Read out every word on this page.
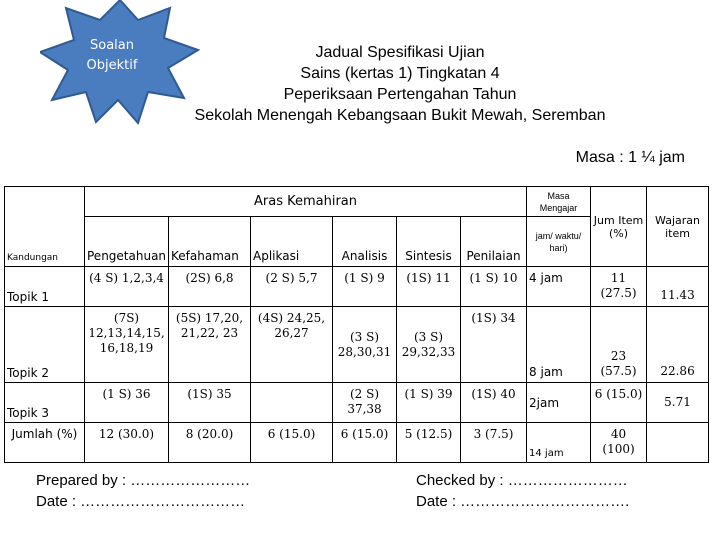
Soalan
Objektif
Jadual Spesifikasi Ujian
Sains (kertas 1) Tingkatan 4
Peperiksaan Pertengahan Tahun
Sekolah Menengah Kebangsaan Bukit Mewah, Seremban
Masa : 1 ¼ jam
Kandungan	Aras Kemahiran						Masa Mengajar	Jum Item (%)	Wajaran item
	Pengetahuan	Kefahaman	Aplikasi	Analisis	Sintesis	Penilaian	jam/ waktu/ hari)		
Topik 1	(4 S) 1,2,3,4	(2S) 6,8	(2 S) 5,7	(1 S) 9	(1S) 11	(1 S) 10	4 jam	11 (27.5)	11.43
Topik 2	(7S) 12,13,14,15, 16,18,19	(5S) 17,20, 21,22, 23	(4S) 24,25, 26,27	(3 S) 28,30,31	(3 S) 29,32,33	(1S) 34	8 jam	23 (57.5)	22.86
Topik 3	(1 S) 36	(1S) 35		(2 S) 37,38	(1 S) 39	(1S) 40	2jam	6 (15.0)	5.71
Jumlah (%)	12 (30.0)	8 (20.0)	6 (15.0)	6 (15.0)	5 (12.5)	3 (7.5)	14 jam	40 (100)	
Prepared by : ……………………
Date : ……………………………
Checked by : ……………………
Date : …………………………….
